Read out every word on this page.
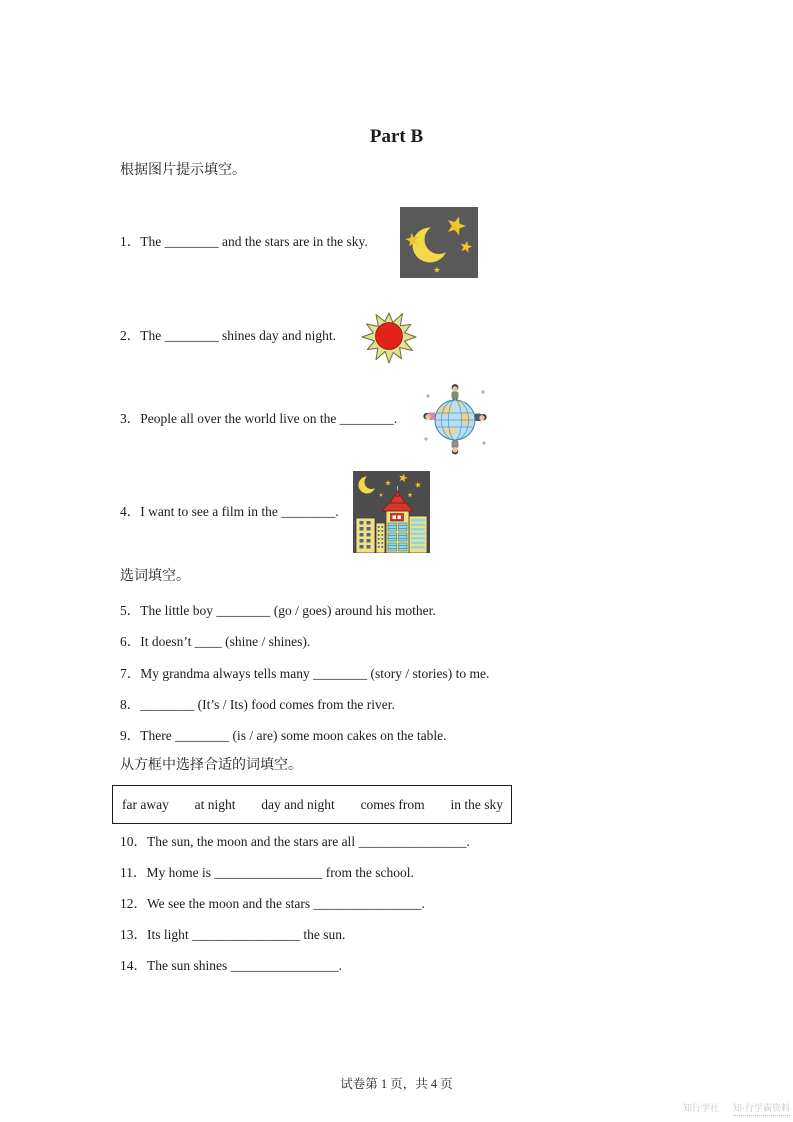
Part B
根据图片提示填空。
1．The ________ and the stars are in the sky.
2．The ________ shines day and night.
3．People all over the world live on the ________.
4．I want to see a film in the ________.
选词填空。
5．The little boy ________ (go / goes) around his mother.
6．It doesn’t ____ (shine / shines).
7．My grandma always tells many ________ (story / stories) to me.
8．________ (It’s / Its) food comes from the river.
9．There ________ (is / are) some moon cakes on the table.
从方框中选择合适的词填空。
far away at night day and night comes from in the sky
10．The sun, the moon and the stars are all ________________.
11．My home is ________________ from the school.
12．We see the moon and the stars ________________.
13．Its light ________________ the sun.
14．The sun shines ________________.
试卷第 1 页，共 4 页
知行学社 知·行学霸资料
